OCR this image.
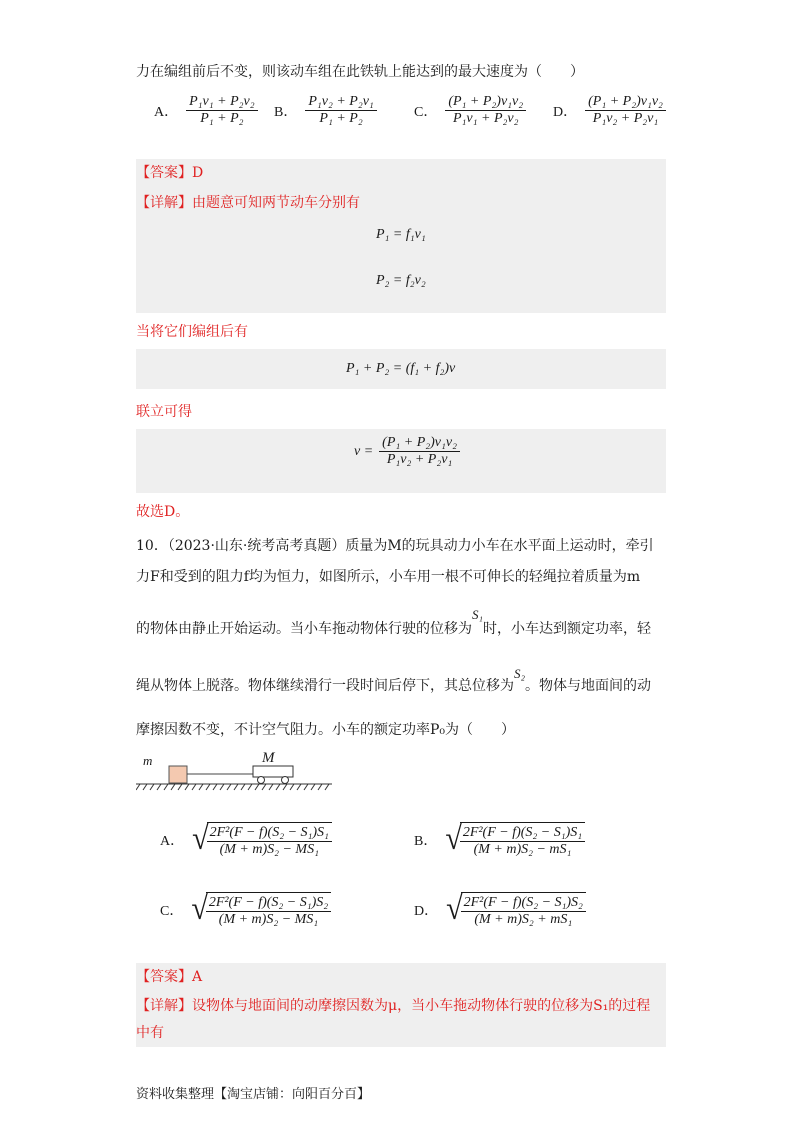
力在编组前后不变，则该动车组在此铁轨上能达到的最大速度为（　　）
A． $\frac{\text{P₁v₁ + P₂v₂}}{\text{P₁ + P₂}}$ B． $\frac{\text{P₁v₂ + P₂v₁}}{\text{P₁ + P₂}}$	C． $\frac{\text{(P₁ + P₂)v₁v₂}}{\text{P₁v₁ + P₂v₂}}$ D． $\frac{\text{(P₁ + P₂)v₁v₂}}{\text{P₁v₂ + P₂v₁}}$
【答案】D
【详解】由题意可知两节动车分别有
P₁ = f₁v₁
P₂ = f₂v₂
当将它们编组后有
P₁ + P₂ = (f₁ + f₂)v
联立可得
$v = \frac{\text{(P₁ + P₂)v₁v₂}}{\text{P₁v₂ + P₂v₁}}$
故选D。
10．（2023·山东·统考高考真题）质量为M的玩具动力小车在水平面上运动时，牵引
力F和受到的阻力f均为恒力，如图所示，小车用一根不可伸长的轻绳拉着质量为m
的物体由静止开始运动。当小车拖动物体行驶的位移为S₁时，小车达到额定功率，轻
绳从物体上脱落。物体继续滑行一段时间后停下，其总位移为S₂。物体与地面间的动
摩擦因数不变，不计空气阻力。小车的额定功率P₀为（　　）
m	M
A． √
$\frac{\text{2F²(F − f)(S₂ − S₁)S₁}}{\text{(M + m)S₂ − MS₁}}$	B． √
$\frac{\text{2F²(F − f)(S₂ − S₁)S₁}}{\text{(M + m)S₂ − mS₁}}$
C． √
$\frac{\text{2F²(F − f)(S₂ − S₁)S₂}}{\text{(M + m)S₂ − MS₁}}$	D． √
$\frac{\text{2F²(F − f)(S₂ − S₁)S₂}}{\text{(M + m)S₂ + mS₁}}$
【答案】A
【详解】设物体与地面间的动摩擦因数为μ，当小车拖动物体行驶的位移为S₁的过程
中有
资料收集整理【淘宝店铺：向阳百分百】
